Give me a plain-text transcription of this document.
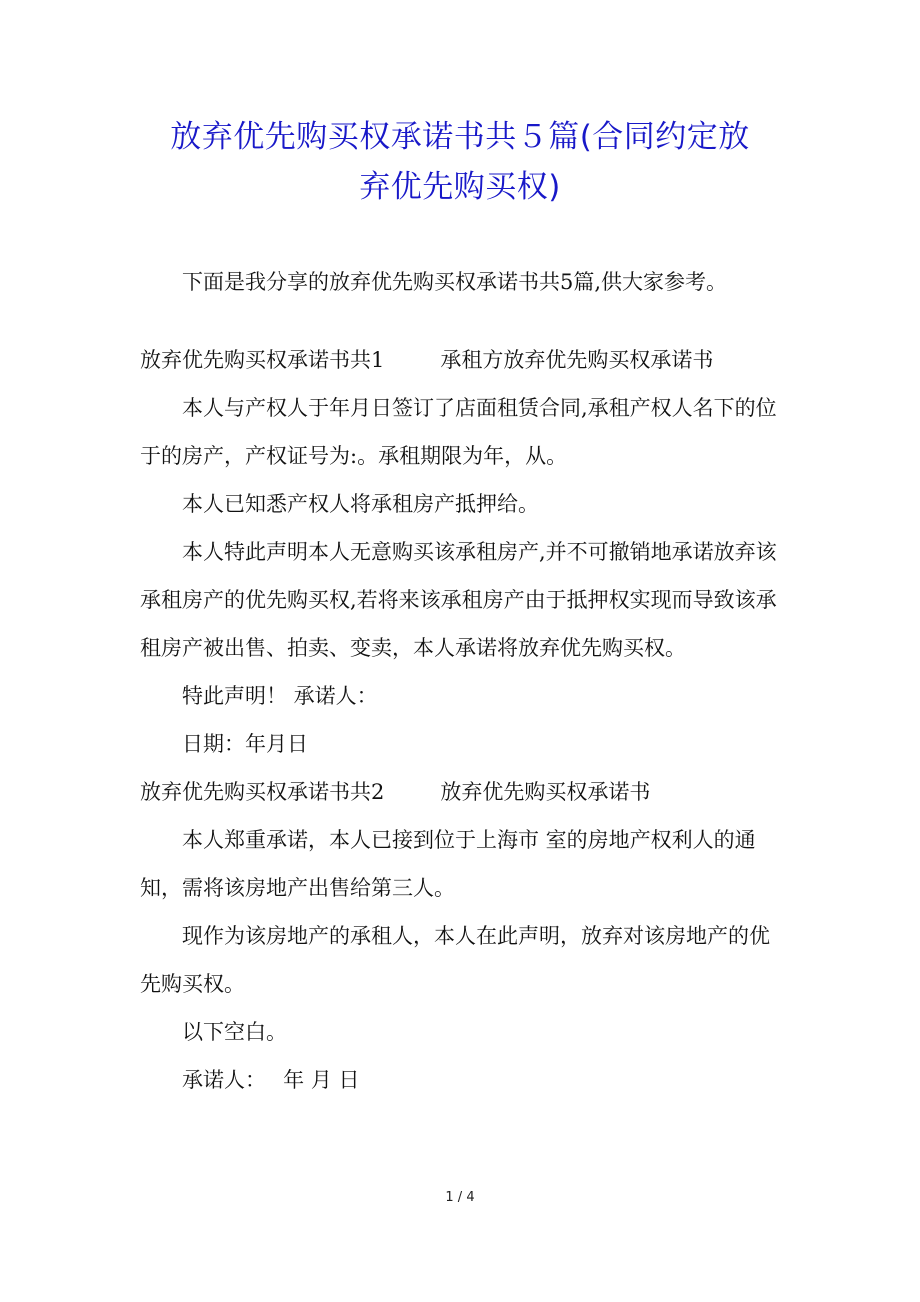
放弃优先购买权承诺书共５篇(合同约定放
弃优先购买权)

下面是我分享的放弃优先购买权承诺书共5篇,供大家参考。

放弃优先购买权承诺书共1	承租方放弃优先购买权承诺书

本人与产权人于年月日签订了店面租赁合同,承租产权人名下的位于的房产，产权证号为:。承租期限为年，从。

本人已知悉产权人将承租房产抵押给。

本人特此声明本人无意购买该承租房产,并不可撤销地承诺放弃该承租房产的优先购买权,若将来该承租房产由于抵押权实现而导致该承租房产被出售、拍卖、变卖，本人承诺将放弃优先购买权。

特此声明！ 承诺人：

日期：年月日

放弃优先购买权承诺书共2	放弃优先购买权承诺书

本人郑重承诺，本人已接到位于上海市 室的房地产权利人的通知，需将该房地产出售给第三人。

现作为该房地产的承租人，本人在此声明，放弃对该房地产的优先购买权。

以下空白。

承诺人：　 年 月 日

1 / 4
